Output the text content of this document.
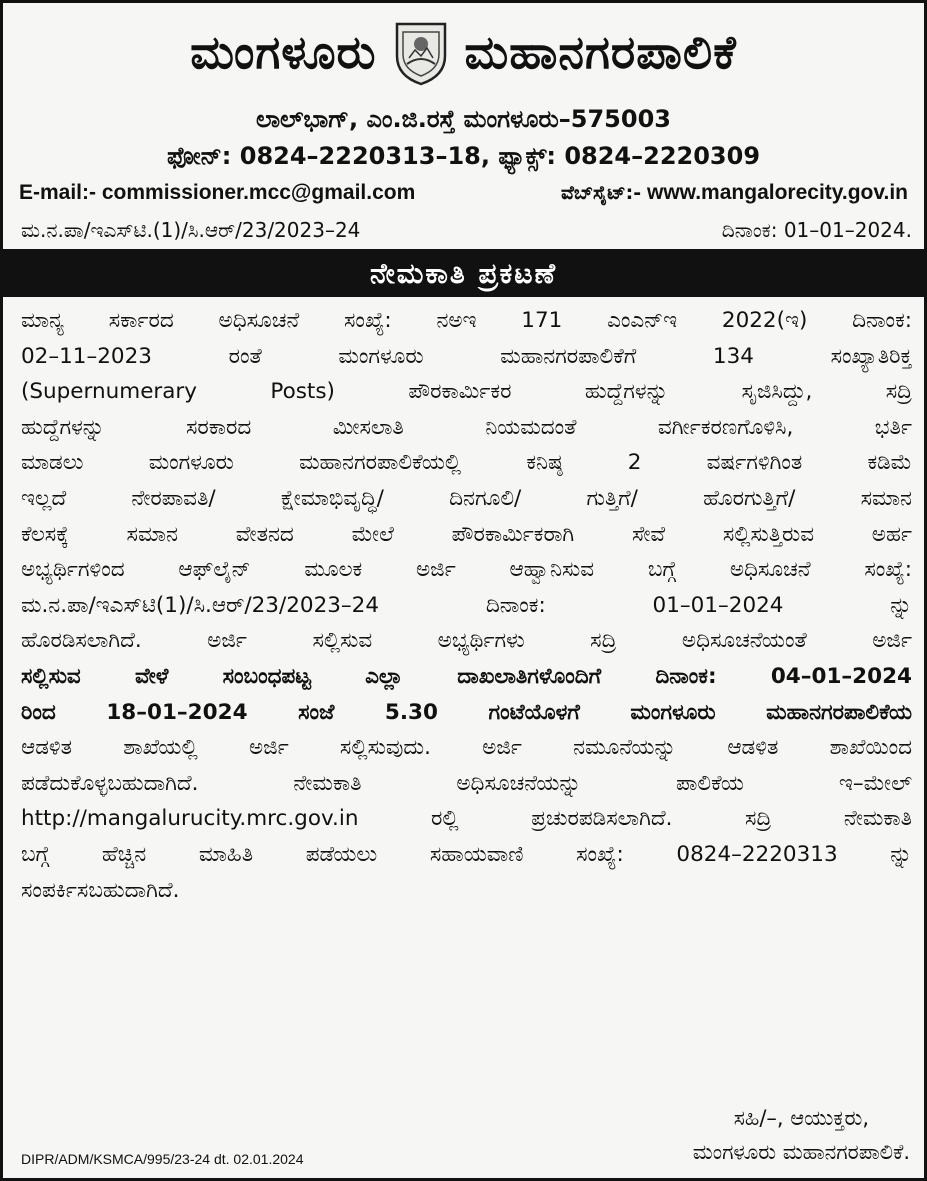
ಮಂಗಳೂರು ಮಹಾನಗರಪಾಲಿಕೆ
ಲಾಲ್‌ಭಾಗ್, ಎಂ.ಜಿ.ರಸ್ತೆ ಮಂಗಳೂರು–575003
ಫೋನ್: 0824–2220313–18, ಫ್ಯಾಕ್ಸ್: 0824–2220309
E-mail:- commissioner.mcc@gmail.com	ವೆಬ್‌ಸೈಟ್:- www.mangalorecity.gov.in
ಮ.ನ.ಪಾ/ಇಎಸ್‌ಟಿ.(1)/ಸಿ.ಆರ್/23/2023–24	ದಿನಾಂಕ: 01–01–2024.
ನೇಮಕಾತಿ ಪ್ರಕಟಣೆ
ಮಾನ್ಯ ಸರ್ಕಾರದ ಅಧಿಸೂಚನೆ ಸಂಖ್ಯೆ: ನಅಇ 171 ಎಂಎನ್ಇ 2022(ಇ) ದಿನಾಂಕ:
02–11–2023 ರಂತೆ ಮಂಗಳೂರು ಮಹಾನಗರಪಾಲಿಕೆಗೆ 134 ಸಂಖ್ಯಾತಿರಿಕ್ತ
(Supernumerary Posts) ಪೌರಕಾರ್ಮಿಕರ ಹುದ್ದೆಗಳನ್ನು ಸೃಜಿಸಿದ್ದು, ಸದ್ರಿ
ಹುದ್ದೆಗಳನ್ನು ಸರಕಾರದ ಮೀಸಲಾತಿ ನಿಯಮದಂತೆ ವರ್ಗೀಕರಣಗೊಳಿಸಿ, ಭರ್ತಿ
ಮಾಡಲು ಮಂಗಳೂರು ಮಹಾನಗರಪಾಲಿಕೆಯಲ್ಲಿ ಕನಿಷ್ಠ 2 ವರ್ಷಗಳಿಗಿಂತ ಕಡಿಮೆ
ಇಲ್ಲದೆ ನೇರಪಾವತಿ/ ಕ್ಷೇಮಾಭಿವೃದ್ಧಿ/ ದಿನಗೂಲಿ/ ಗುತ್ತಿಗೆ/ ಹೊರಗುತ್ತಿಗೆ/ ಸಮಾನ
ಕೆಲಸಕ್ಕೆ ಸಮಾನ ವೇತನದ ಮೇಲೆ ಪೌರಕಾರ್ಮಿಕರಾಗಿ ಸೇವೆ ಸಲ್ಲಿಸುತ್ತಿರುವ ಅರ್ಹ
ಅಭ್ಯರ್ಥಿಗಳಿಂದ ಆಫ್‌ಲೈನ್ ಮೂಲಕ ಅರ್ಜಿ ಆಹ್ವಾನಿಸುವ ಬಗ್ಗೆ ಅಧಿಸೂಚನೆ ಸಂಖ್ಯೆ:
ಮ.ನ.ಪಾ/ಇಎಸ್‌ಟಿ(1)/ಸಿ.ಆರ್/23/2023–24 ದಿನಾಂಕ: 01–01–2024 ನ್ನು
ಹೊರಡಿಸಲಾಗಿದೆ. ಅರ್ಜಿ ಸಲ್ಲಿಸುವ ಅಭ್ಯರ್ಥಿಗಳು ಸದ್ರಿ ಅಧಿಸೂಚನೆಯಂತೆ ಅರ್ಜಿ
ಸಲ್ಲಿಸುವ ವೇಳೆ ಸಂಬಂಧಪಟ್ಟ ಎಲ್ಲಾ ದಾಖಲಾತಿಗಳೊಂದಿಗೆ ದಿನಾಂಕ: 04–01–2024
ರಿಂದ 18–01–2024 ಸಂಜೆ 5.30 ಗಂಟೆಯೊಳಗೆ ಮಂಗಳೂರು ಮಹಾನಗರಪಾಲಿಕೆಯ
ಆಡಳಿತ ಶಾಖೆಯಲ್ಲಿ ಅರ್ಜಿ ಸಲ್ಲಿಸುವುದು. ಅರ್ಜಿ ನಮೂನೆಯನ್ನು ಆಡಳಿತ ಶಾಖೆಯಿಂದ
ಪಡೆದುಕೊಳ್ಳಬಹುದಾಗಿದೆ. ನೇಮಕಾತಿ ಅಧಿಸೂಚನೆಯನ್ನು ಪಾಲಿಕೆಯ ಇ–ಮೇಲ್
http://mangalurucity.mrc.gov.in ರಲ್ಲಿ ಪ್ರಚುರಪಡಿಸಲಾಗಿದೆ. ಸದ್ರಿ ನೇಮಕಾತಿ
ಬಗ್ಗೆ ಹೆಚ್ಚಿನ ಮಾಹಿತಿ ಪಡೆಯಲು ಸಹಾಯವಾಣಿ ಸಂಖ್ಯೆ: 0824–2220313 ನ್ನು
ಸಂಪರ್ಕಿಸಬಹುದಾಗಿದೆ.
ಸಹಿ/–, ಆಯುಕ್ತರು,
ಮಂಗಳೂರು ಮಹಾನಗರಪಾಲಿಕೆ.
DIPR/ADM/KSMCA/995/23-24 dt. 02.01.2024
